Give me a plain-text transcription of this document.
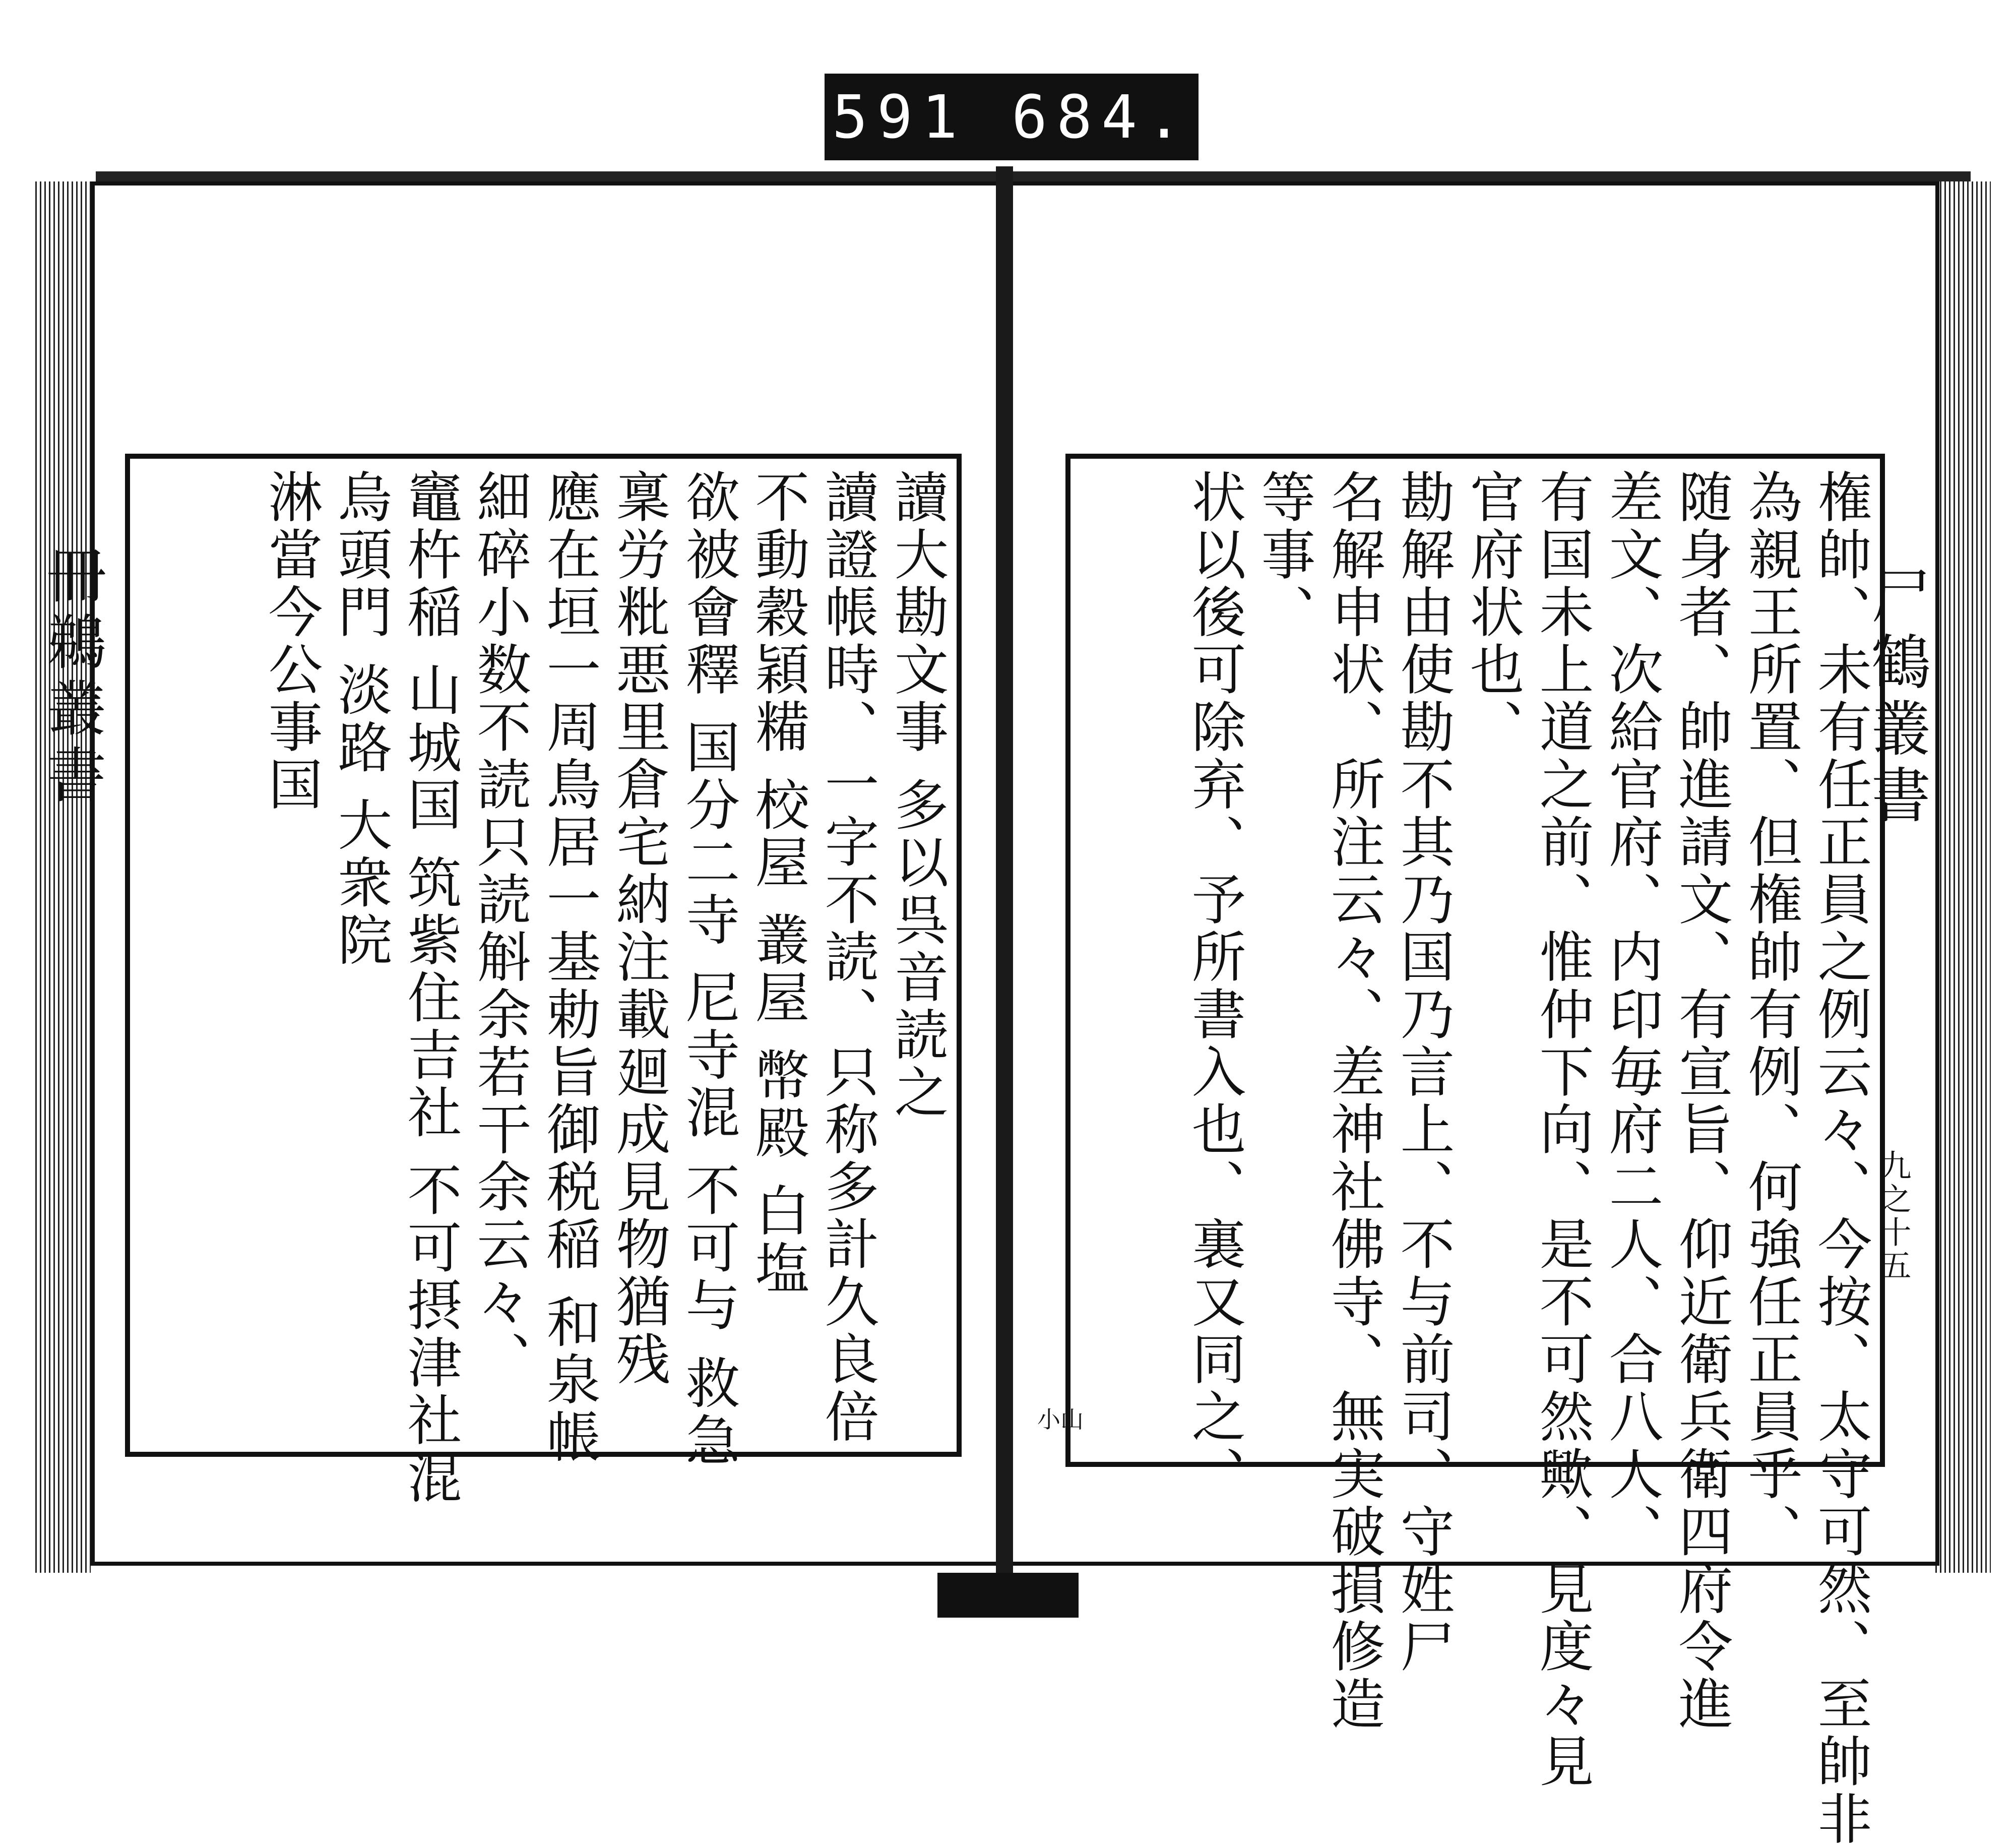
591 684.
冊鵜叢書	尸鶴叢書
九之十五
小山	権帥、未有任正員之例云々、今按、太守可然、至帥非
為親王所置、但権帥有例、何強任正員乎、
随身者、帥進請文、有宣旨、仰近衛兵衛四府令進
差文、次給官府、内印毎府二人、合八人、
有国未上道之前、惟仲下向、是不可然歟、見度々見
官府状也、
勘解由使勘不其乃国乃言上、不与前司、守姓尸
名解申状、所注云々、差神社佛寺、無実破損修造
等事、
状以後可除弃、予所書入也、裏又同之、
讀大勘文事 多以呉音読之
讀證帳時、一字不読、只称多計久良倍
不動穀穎糒 校屋 叢屋 幣殿 白塩
欲被會釋 国分二寺 尼寺混 不可与 救急
稟労粃悪里倉宅納注載廻成見物猶残
應在垣一周鳥居一基勅旨御税稲 和泉帳
細碎小数不読只読斛余若干余云々、
竈杵稲 山城国 筑紫住吉社 不可摂津社混
烏頭門 淡路 大衆院
淋當今公事国
